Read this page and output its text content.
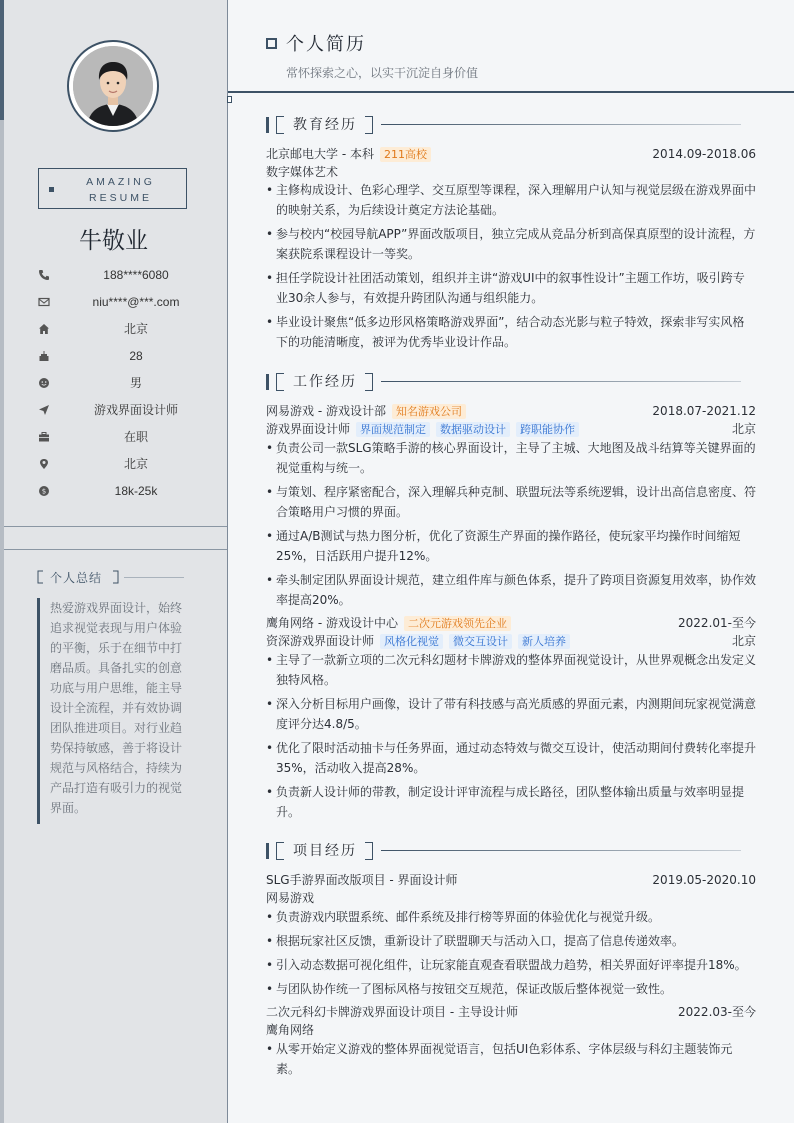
AMAZING RESUME
牛敬业
188****6080
niu****@***.com
北京
28
男
游戏界面设计师
在职
北京
$	18k-25k
个人总结
热爱游戏界面设计，始终追求视觉表现与用户体验的平衡，乐于在细节中打磨品质。具备扎实的创意功底与用户思维，能主导设计全流程，并有效协调团队推进项目。对行业趋势保持敏感，善于将设计规范与风格结合，持续为产品打造有吸引力的视觉界面。
个人简历
常怀探索之心，以实干沉淀自身价值
教育经历
北京邮电大学 - 本科 211高校	2014.09-2018.06
数字媒体艺术
• 主修构成设计、色彩心理学、交互原型等课程，深入理解用户认知与视觉层级在游戏界面中的映射关系，为后续设计奠定方法论基础。
• 参与校内“校园导航APP”界面改版项目，独立完成从竞品分析到高保真原型的设计流程，方案获院系课程设计一等奖。
• 担任学院设计社团活动策划，组织并主讲“游戏UI中的叙事性设计”主题工作坊，吸引跨专业30余人参与，有效提升跨团队沟通与组织能力。
• 毕业设计聚焦“低多边形风格策略游戏界面”，结合动态光影与粒子特效，探索非写实风格下的功能清晰度，被评为优秀毕业设计作品。
工作经历
网易游戏 - 游戏设计部 知名游戏公司	2018.07-2021.12
游戏界面设计师 界面规范制定 数据驱动设计 跨职能协作	北京
• 负责公司一款SLG策略手游的核心界面设计，主导了主城、大地图及战斗结算等关键界面的视觉重构与统一。
• 与策划、程序紧密配合，深入理解兵种克制、联盟玩法等系统逻辑，设计出高信息密度、符合策略用户习惯的界面。
• 通过A/B测试与热力图分析，优化了资源生产界面的操作路径，使玩家平均操作时间缩短25%，日活跃用户提升12%。
• 牵头制定团队界面设计规范，建立组件库与颜色体系，提升了跨项目资源复用效率，协作效率提高20%。
鹰角网络 - 游戏设计中心 二次元游戏领先企业	2022.01-至今
资深游戏界面设计师 风格化视觉 微交互设计 新人培养	北京
• 主导了一款新立项的二次元科幻题材卡牌游戏的整体界面视觉设计，从世界观概念出发定义独特风格。
• 深入分析目标用户画像，设计了带有科技感与高光质感的界面元素，内测期间玩家视觉满意度评分达4.8/5。
• 优化了限时活动抽卡与任务界面，通过动态特效与微交互设计，使活动期间付费转化率提升35%，活动收入提高28%。
• 负责新人设计师的带教，制定设计评审流程与成长路径，团队整体输出质量与效率明显提升。
项目经历
SLG手游界面改版项目 - 界面设计师	2019.05-2020.10
网易游戏
• 负责游戏内联盟系统、邮件系统及排行榜等界面的体验优化与视觉升级。
• 根据玩家社区反馈，重新设计了联盟聊天与活动入口，提高了信息传递效率。
• 引入动态数据可视化组件，让玩家能直观查看联盟战力趋势，相关界面好评率提升18%。
• 与团队协作统一了图标风格与按钮交互规范，保证改版后整体视觉一致性。
二次元科幻卡牌游戏界面设计项目 - 主导设计师	2022.03-至今
鹰角网络
• 从零开始定义游戏的整体界面视觉语言，包括UI色彩体系、字体层级与科幻主题装饰元素。
